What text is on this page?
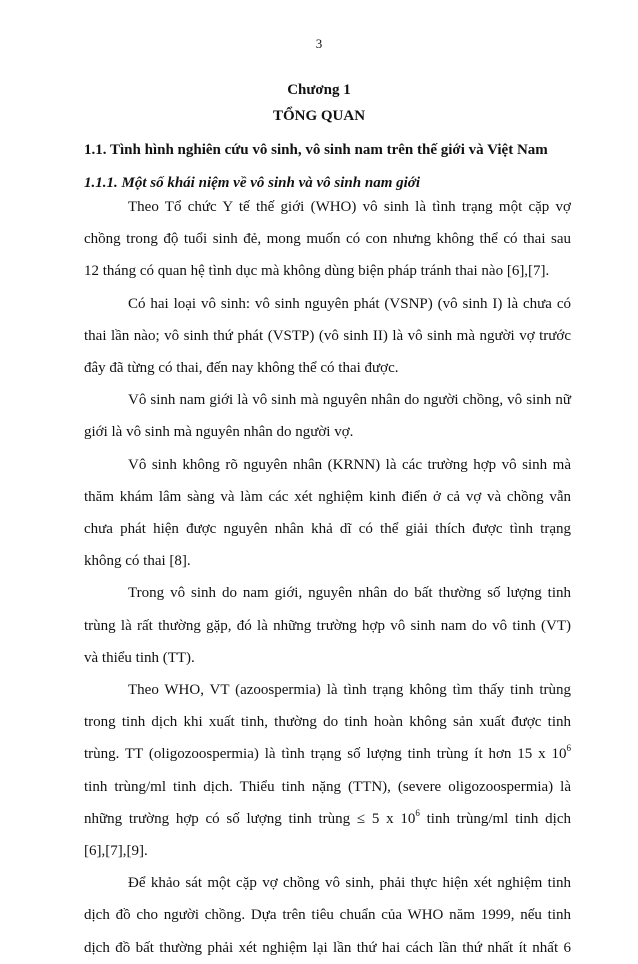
3
Chương 1
TỔNG QUAN
1.1. Tình hình nghiên cứu vô sinh, vô sinh nam trên thế giới và Việt Nam
1.1.1. Một số khái niệm về vô sinh và vô sinh nam giới

Theo Tổ chức Y tế thế giới (WHO) vô sinh là tình trạng một cặp vợ
chồng trong độ tuổi sinh đẻ, mong muốn có con nhưng không thể có thai sau
12 tháng có quan hệ tình dục mà không dùng biện pháp tránh thai nào [6],[7].

Có hai loại vô sinh: vô sinh nguyên phát (VSNP) (vô sinh I) là chưa có
thai lần nào; vô sinh thứ phát (VSTP) (vô sinh II) là vô sinh mà người vợ trước
đây đã từng có thai, đến nay không thể có thai được.

Vô sinh nam giới là vô sinh mà nguyên nhân do người chồng, vô sinh nữ
giới là vô sinh mà nguyên nhân do người vợ.

Vô sinh không rõ nguyên nhân (KRNN) là các trường hợp vô sinh mà
thăm khám lâm sàng và làm các xét nghiệm kinh điển ở cả vợ và chồng vẫn
chưa phát hiện được nguyên nhân khả dĩ có thể giải thích được tình trạng
không có thai [8].

Trong vô sinh do nam giới, nguyên nhân do bất thường số lượng tinh
trùng là rất thường gặp, đó là những trường hợp vô sinh nam do vô tinh (VT)
và thiểu tinh (TT).

Theo WHO, VT (azoospermia) là tình trạng không tìm thấy tinh trùng
trong tinh dịch khi xuất tinh, thường do tinh hoàn không sản xuất được tinh
trùng. TT (oligozoospermia) là tình trạng số lượng tinh trùng ít hơn 15 x $10^6$
tinh trùng/ml tinh dịch. Thiểu tinh nặng (TTN), (severe oligozoospermia) là
những trường hợp có số lượng tinh trùng ≤ 5 x $10^6$ tinh trùng/ml tinh dịch
[6],[7],[9].

Để khảo sát một cặp vợ chồng vô sinh, phải thực hiện xét nghiệm tinh
dịch đồ cho người chồng. Dựa trên tiêu chuẩn của WHO năm 1999, nếu tinh
dịch đồ bất thường phải xét nghiệm lại lần thứ hai cách lần thứ nhất ít nhất 6
